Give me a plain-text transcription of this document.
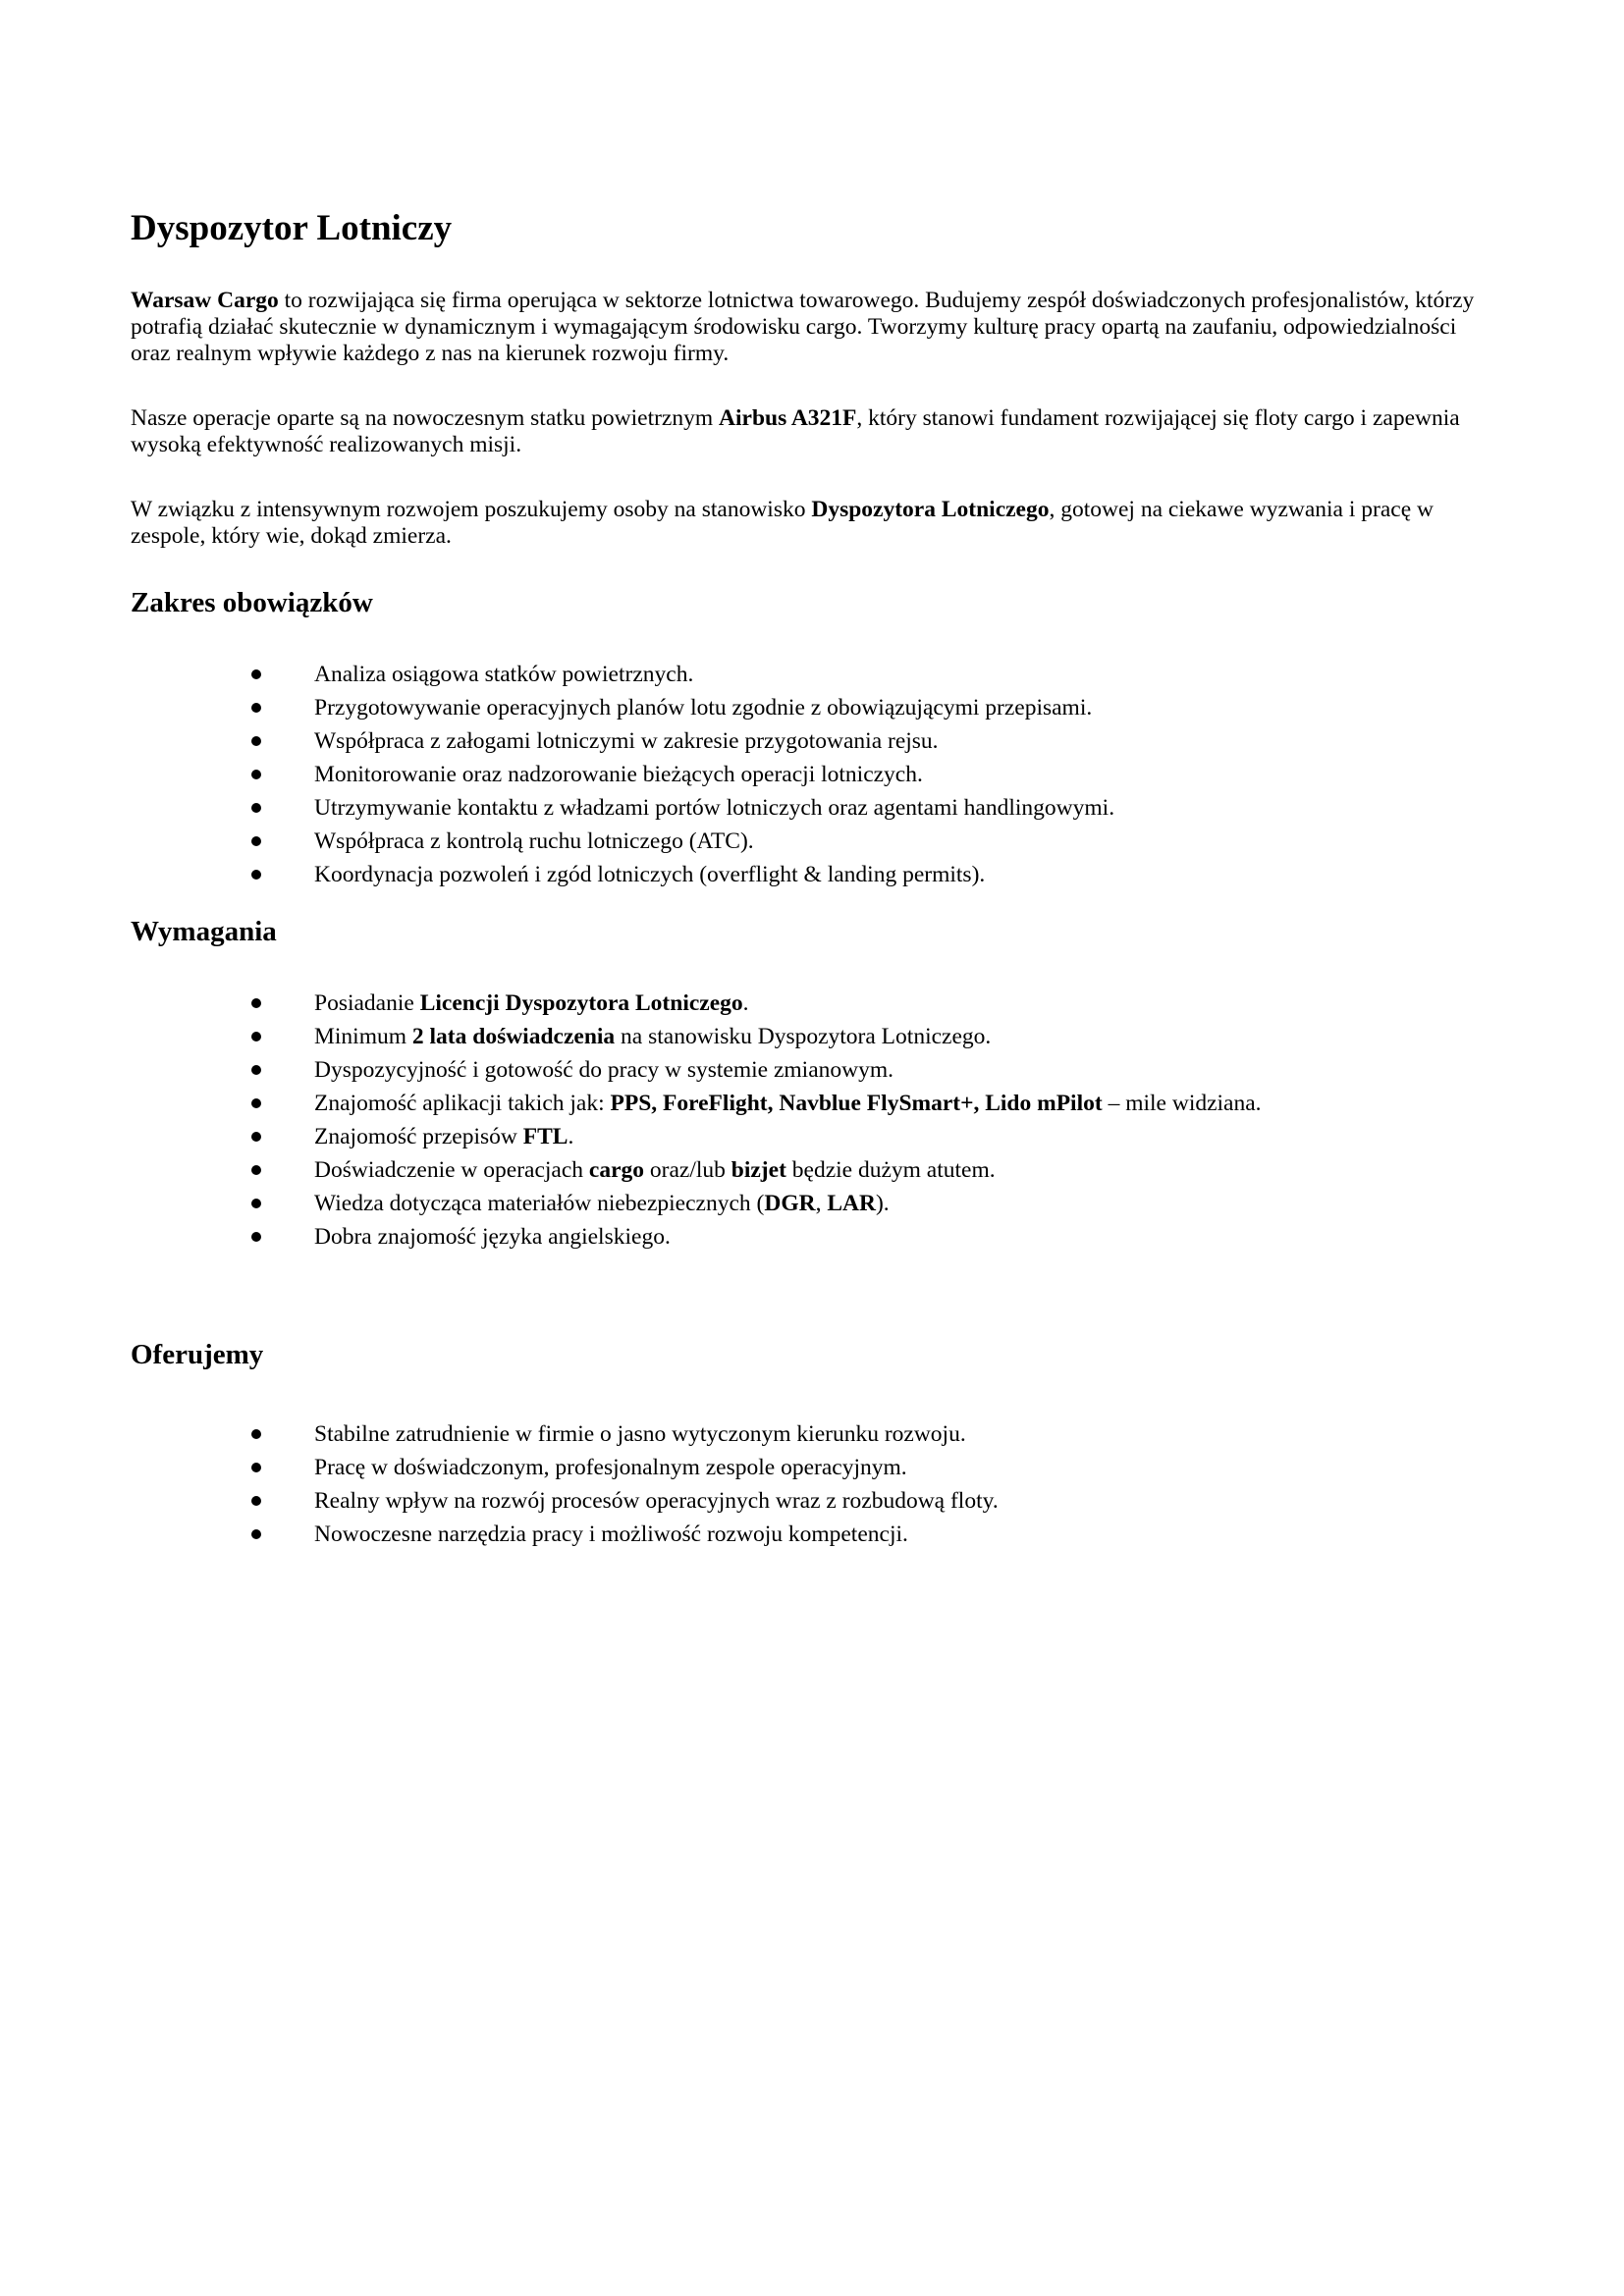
Dyspozytor Lotniczy

Warsaw Cargo to rozwijająca się firma operująca w sektorze lotnictwa towarowego. Budujemy zespół doświadczonych profesjonalistów, którzy potrafią działać skutecznie w dynamicznym i wymagającym środowisku cargo. Tworzymy kulturę pracy opartą na zaufaniu, odpowiedzialności oraz realnym wpływie każdego z nas na kierunek rozwoju firmy.

Nasze operacje oparte są na nowoczesnym statku powietrznym Airbus A321F, który stanowi fundament rozwijającej się floty cargo i zapewnia wysoką efektywność realizowanych misji.

W związku z intensywnym rozwojem poszukujemy osoby na stanowisko Dyspozytora Lotniczego, gotowej na ciekawe wyzwania i pracę w zespole, który wie, dokąd zmierza.

Zakres obowiązków
Analiza osiągowa statków powietrznych.
Przygotowywanie operacyjnych planów lotu zgodnie z obowiązującymi przepisami.
Współpraca z załogami lotniczymi w zakresie przygotowania rejsu.
Monitorowanie oraz nadzorowanie bieżących operacji lotniczych.
Utrzymywanie kontaktu z władzami portów lotniczych oraz agentami handlingowymi.
Współpraca z kontrolą ruchu lotniczego (ATC).
Koordynacja pozwoleń i zgód lotniczych (overflight & landing permits).
Wymagania
Posiadanie Licencji Dyspozytora Lotniczego.
Minimum 2 lata doświadczenia na stanowisku Dyspozytora Lotniczego.
Dyspozycyjność i gotowość do pracy w systemie zmianowym.
Znajomość aplikacji takich jak: PPS, ForeFlight, Navblue FlySmart+, Lido mPilot – mile widziana.
Znajomość przepisów FTL.
Doświadczenie w operacjach cargo oraz/lub bizjet będzie dużym atutem.
Wiedza dotycząca materiałów niebezpiecznych (DGR, LAR).
Dobra znajomość języka angielskiego.
Oferujemy
Stabilne zatrudnienie w firmie o jasno wytyczonym kierunku rozwoju.
Pracę w doświadczonym, profesjonalnym zespole operacyjnym.
Realny wpływ na rozwój procesów operacyjnych wraz z rozbudową floty.
Nowoczesne narzędzia pracy i możliwość rozwoju kompetencji.
